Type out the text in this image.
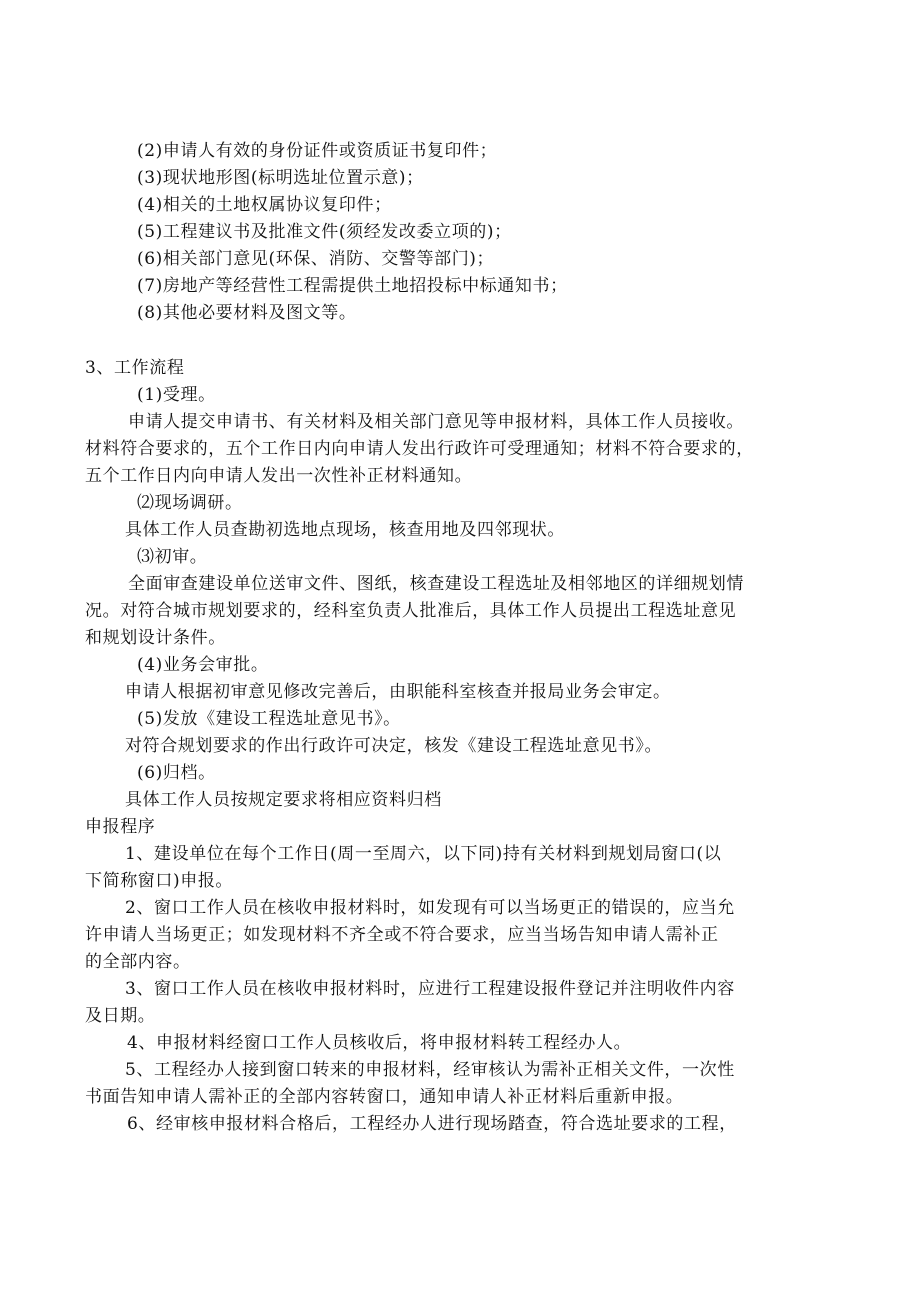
(2)申请人有效的身份证件或资质证书复印件；

(3)现状地形图(标明选址位置示意)；

(4)相关的土地权属协议复印件；

(5)工程建议书及批准文件(须经发改委立项的)；

(6)相关部门意见(环保、消防、交警等部门)；

(7)房地产等经营性工程需提供土地招投标中标通知书；

(8)其他必要材料及图文等。

3、工作流程

(1)受理。

申请人提交申请书、有关材料及相关部门意见等申报材料，具体工作人员接收。

材料符合要求的，五个工作日内向申请人发出行政许可受理通知；材料不符合要求的，

五个工作日内向申请人发出一次性补正材料通知。

⑵现场调研。

具体工作人员查勘初选地点现场，核查用地及四邻现状。

⑶初审。

全面审查建设单位送审文件、图纸，核查建设工程选址及相邻地区的详细规划情

况。对符合城市规划要求的，经科室负责人批准后，具体工作人员提出工程选址意见

和规划设计条件。

(4)业务会审批。

申请人根据初审意见修改完善后，由职能科室核查并报局业务会审定。

(5)发放《建设工程选址意见书》。

对符合规划要求的作出行政许可决定，核发《建设工程选址意见书》。

(6)归档。

具体工作人员按规定要求将相应资料归档

申报程序

1、建设单位在每个工作日(周一至周六，以下同)持有关材料到规划局窗口(以

下简称窗口)申报。

2、窗口工作人员在核收申报材料时，如发现有可以当场更正的错误的，应当允

许申请人当场更正；如发现材料不齐全或不符合要求，应当当场告知申请人需补正

的全部内容。

3、窗口工作人员在核收申报材料时，应进行工程建设报件登记并注明收件内容

及日期。

4、申报材料经窗口工作人员核收后，将申报材料转工程经办人。

5、工程经办人接到窗口转来的申报材料，经审核认为需补正相关文件，一次性

书面告知申请人需补正的全部内容转窗口，通知申请人补正材料后重新申报。

6、经审核申报材料合格后，工程经办人进行现场踏查，符合选址要求的工程，
